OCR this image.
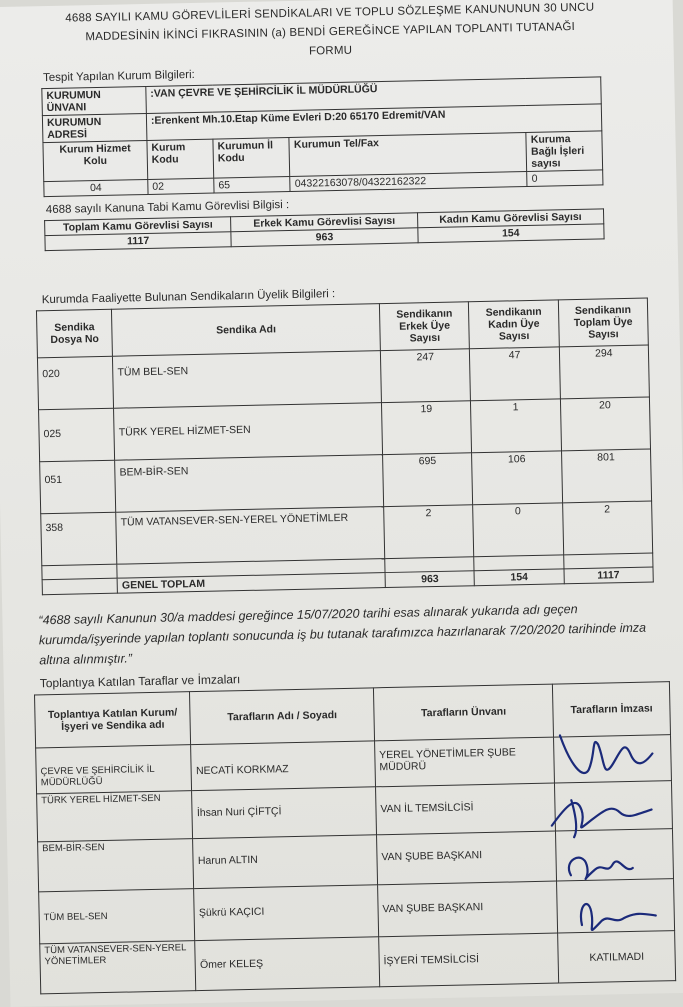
4688 SAYILI KAMU GÖREVLİLERİ SENDİKALARI VE TOPLU SÖZLEŞME KANUNUNUN 30 UNCU
MADDESİNİN İKİNCİ FIKRASININ (a) BENDİ GEREĞİNCE YAPILAN TOPLANTI TUTANAĞI
FORMU
Tespit Yapılan Kurum Bilgileri:
KURUMUN ÜNVANI	:VAN ÇEVRE VE ŞEHİRCİLİK İL MÜDÜRLÜĞÜ			
KURUMUN ADRESİ	:Erenkent Mh.10.Etap Küme Evleri D:20 65170 Edremit/VAN			
Kurum Hizmet Kolu	Kurum Kodu	Kurumun İl Kodu	Kurumun Tel/Fax	Kuruma Bağlı İşleri sayısı
04	02	65	04322163078/04322162322	0
4688 sayılı Kanuna Tabi Kamu Görevlisi Bilgisi :
Toplam Kamu Görevlisi Sayısı	Erkek Kamu Görevlisi Sayısı	Kadın Kamu Görevlisi Sayısı
1117	963	154
Kurumda Faaliyette Bulunan Sendikaların Üyelik Bilgileri :
Sendika Dosya No	Sendika Adı	Sendikanın Erkek Üye Sayısı	Sendikanın Kadın Üye Sayısı	Sendikanın Toplam Üye Sayısı
020	TÜM BEL-SEN	247	47	294
025	TÜRK YEREL HİZMET-SEN	19	1	20
051	BEM-BİR-SEN	695	106	801
358	TÜM VATANSEVER-SEN-YEREL YÖNETİMLER	2	0	2

	GENEL TOPLAM	963	154	1117
“4688 sayılı Kanunun 30/a maddesi gereğince 15/07/2020 tarihi esas alınarak yukarıda adı geçen kurumda/işyerinde yapılan toplantı sonucunda iş bu tutanak tarafımızca hazırlanarak 7/20/2020 tarihinde imza altına alınmıştır.”
Toplantıya Katılan Taraflar ve İmzaları
Toplantıya Katılan Kurum/İşyeri ve Sendika adı	Tarafların Adı / Soyadı	Tarafların Ünvanı	Tarafların İmzası
ÇEVRE VE ŞEHİRCİLİK İL MÜDÜRLÜĞÜ	NECATİ KORKMAZ	YEREL YÖNETİMLER ŞUBE MÜDÜRÜ	
TÜRK YEREL HİZMET-SEN	İhsan Nuri ÇİFTÇİ	VAN İL TEMSİLCİSİ	
BEM-BİR-SEN	Harun ALTIN	VAN ŞUBE BAŞKANI	
TÜM BEL-SEN	Şükrü KAÇICI	VAN ŞUBE BAŞKANI	
TÜM VATANSEVER-SEN-YEREL YÖNETİMLER	Ömer KELEŞ	İŞYERİ TEMSİLCİSİ	KATILMADI
